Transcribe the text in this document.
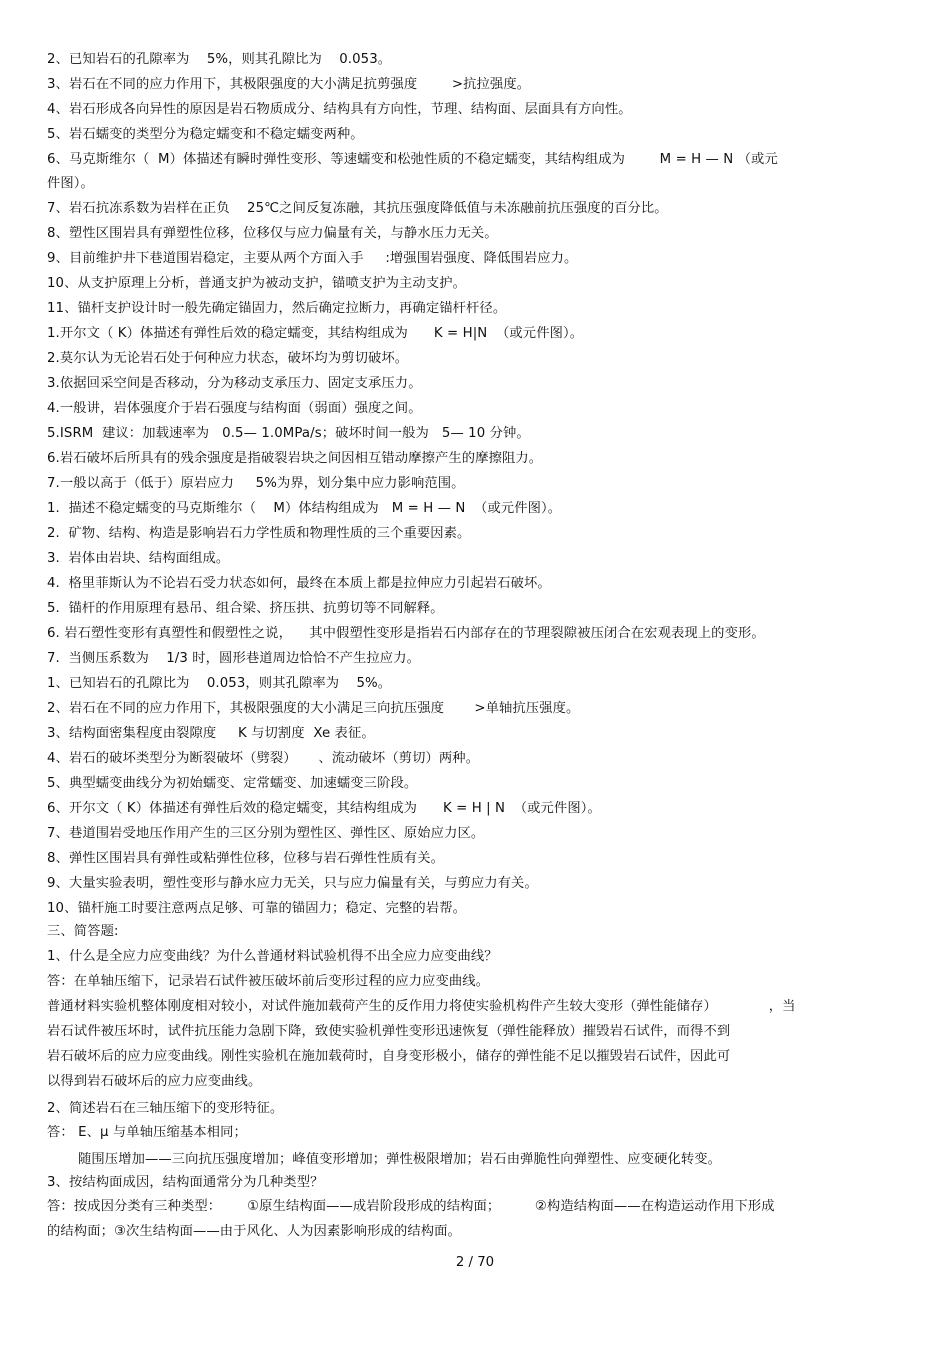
2、已知岩石的孔隙率为    5%，则其孔隙比为    0.053。
3、岩石在不同的应力作用下，其极限强度的大小满足抗剪强度        >抗拉强度。
4、岩石形成各向异性的原因是岩石物质成分、结构具有方向性，节理、结构面、层面具有方向性。
5、岩石蠕变的类型分为稳定蠕变和不稳定蠕变两种。
6、马克斯维尔（  M）体描述有瞬时弹性变形、等速蠕变和松弛性质的不稳定蠕变，其结构组成为        M = H — N （或元
件图）。
7、岩石抗冻系数为岩样在正负    25℃之间反复冻融，其抗压强度降低值与未冻融前抗压强度的百分比。
8、塑性区围岩具有弹塑性位移，位移仅与应力偏量有关，与静水压力无关。
9、目前维护井下巷道围岩稳定，主要从两个方面入手     :增强围岩强度、降低围岩应力。
10、从支护原理上分析，普通支护为被动支护，锚喷支护为主动支护。
11、锚杆支护设计时一般先确定锚固力，然后确定拉断力，再确定锚杆杆径。
1.开尔文（ K）体描述有弹性后效的稳定蠕变，其结构组成为      K = H|N  （或元件图）。
2.莫尔认为无论岩石处于何种应力状态，破坏均为剪切破坏。
3.依据回采空间是否移动，分为移动支承压力、固定支承压力。
4.一般讲，岩体强度介于岩石强度与结构面（弱面）强度之间。
5.ISRM  建议：加载速率为   0.5— 1.0MPa/s；破坏时间一般为   5— 10 分钟。
6.岩石破坏后所具有的残余强度是指破裂岩块之间因相互错动摩擦产生的摩擦阻力。
7.一般以高于（低于）原岩应力     5%为界，划分集中应力影响范围。
1.  描述不稳定蠕变的马克斯维尔（    M）体结构组成为   M = H — N  （或元件图）。
2.  矿物、结构、构造是影响岩石力学性质和物理性质的三个重要因素。
3.  岩体由岩块、结构面组成。
4.  格里菲斯认为不论岩石受力状态如何，最终在本质上都是拉伸应力引起岩石破坏。
5.  锚杆的作用原理有悬吊、组合梁、挤压拱、抗剪切等不同解释。
6. 岩石塑性变形有真塑性和假塑性之说，    其中假塑性变形是指岩石内部存在的节理裂隙被压闭合在宏观表现上的变形。
7.  当侧压系数为    1/3 时，圆形巷道周边恰恰不产生拉应力。
1、已知岩石的孔隙比为    0.053，则其孔隙率为    5%。
2、岩石在不同的应力作用下，其极限强度的大小满足三向抗压强度       >单轴抗压强度。
3、结构面密集程度由裂隙度     K 与切割度  Xe 表征。
4、岩石的破坏类型分为断裂破坏（劈裂）     、流动破坏（剪切）两种。
5、典型蠕变曲线分为初始蠕变、定常蠕变、加速蠕变三阶段。
6、开尔文（ K）体描述有弹性后效的稳定蠕变，其结构组成为      K = H | N  （或元件图）。
7、巷道围岩受地压作用产生的三区分别为塑性区、弹性区、原始应力区。
8、弹性区围岩具有弹性或粘弹性位移，位移与岩石弹性性质有关。
9、大量实验表明，塑性变形与静水应力无关，只与应力偏量有关，与剪应力有关。
10、锚杆施工时要注意两点足够、可靠的锚固力；稳定、完整的岩帮。
三、简答题:
1、什么是全应力应变曲线？为什么普通材料试验机得不出全应力应变曲线？
答：在单轴压缩下，记录岩石试件被压破坏前后变形过程的应力应变曲线。
普通材料实验机整体刚度相对较小，对试件施加载荷产生的反作用力将使实验机构件产生较大变形（弹性能储存）            ，当
岩石试件被压坏时，试件抗压能力急剧下降，致使实验机弹性变形迅速恢复（弹性能释放）摧毁岩石试件，而得不到
岩石破坏后的应力应变曲线。刚性实验机在施加载荷时，自身变形极小，储存的弹性能不足以摧毁岩石试件，因此可
以得到岩石破坏后的应力应变曲线。
2、简述岩石在三轴压缩下的变形特征。
答： E、μ 与单轴压缩基本相同；
随围压增加——三向抗压强度增加；峰值变形增加；弹性极限增加；岩石由弹脆性向弹塑性、应变硬化转变。
3、按结构面成因，结构面通常分为几种类型？
答：按成因分类有三种类型：      ①原生结构面——成岩阶段形成的结构面；        ②构造结构面——在构造运动作用下形成
的结构面；③次生结构面——由于风化、人为因素影响形成的结构面。
2 / 70
